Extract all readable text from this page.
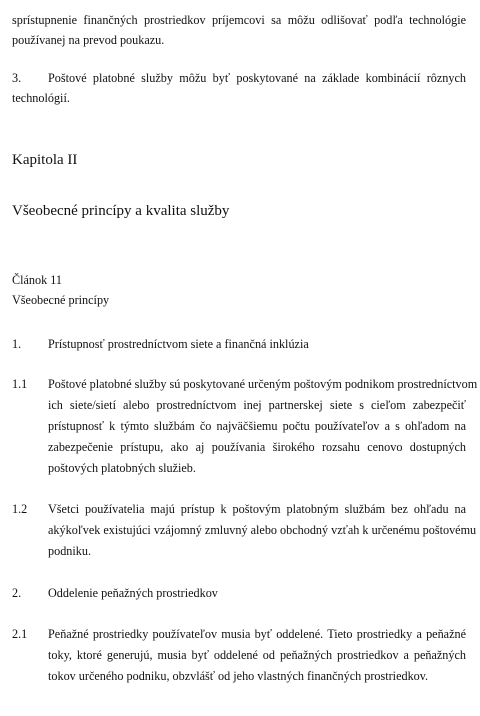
sprístupnenie finančných prostriedkov príjemcovi sa môžu odlišovať podľa technológie
používanej na prevod poukazu.
3. Poštové platobné služby môžu byť poskytované na základe kombinácií rôznych
technológií.
Kapitola II
Všeobecné princípy a kvalita služby
Článok 11
Všeobecné princípy
1. Prístupnosť prostredníctvom siete a finančná inklúzia
1.1 Poštové platobné služby sú poskytované určeným poštovým podnikom prostredníctvom
ich siete/sietí alebo prostredníctvom inej partnerskej siete s cieľom zabezpečiť
prístupnosť k týmto službám čo najväčšiemu počtu používateľov a s ohľadom na
zabezpečenie prístupu, ako aj používania širokého rozsahu cenovo dostupných
poštových platobných služieb.
1.2 Všetci používatelia majú prístup k poštovým platobným službám bez ohľadu na
akýkoľvek existujúci vzájomný zmluvný alebo obchodný vzťah k určenému poštovému
podniku.
2. Oddelenie peňažných prostriedkov
2.1 Peňažné prostriedky používateľov musia byť oddelené. Tieto prostriedky a peňažné
toky, ktoré generujú, musia byť oddelené od peňažných prostriedkov a peňažných
tokov určeného podniku, obzvlášť od jeho vlastných finančných prostriedkov.
